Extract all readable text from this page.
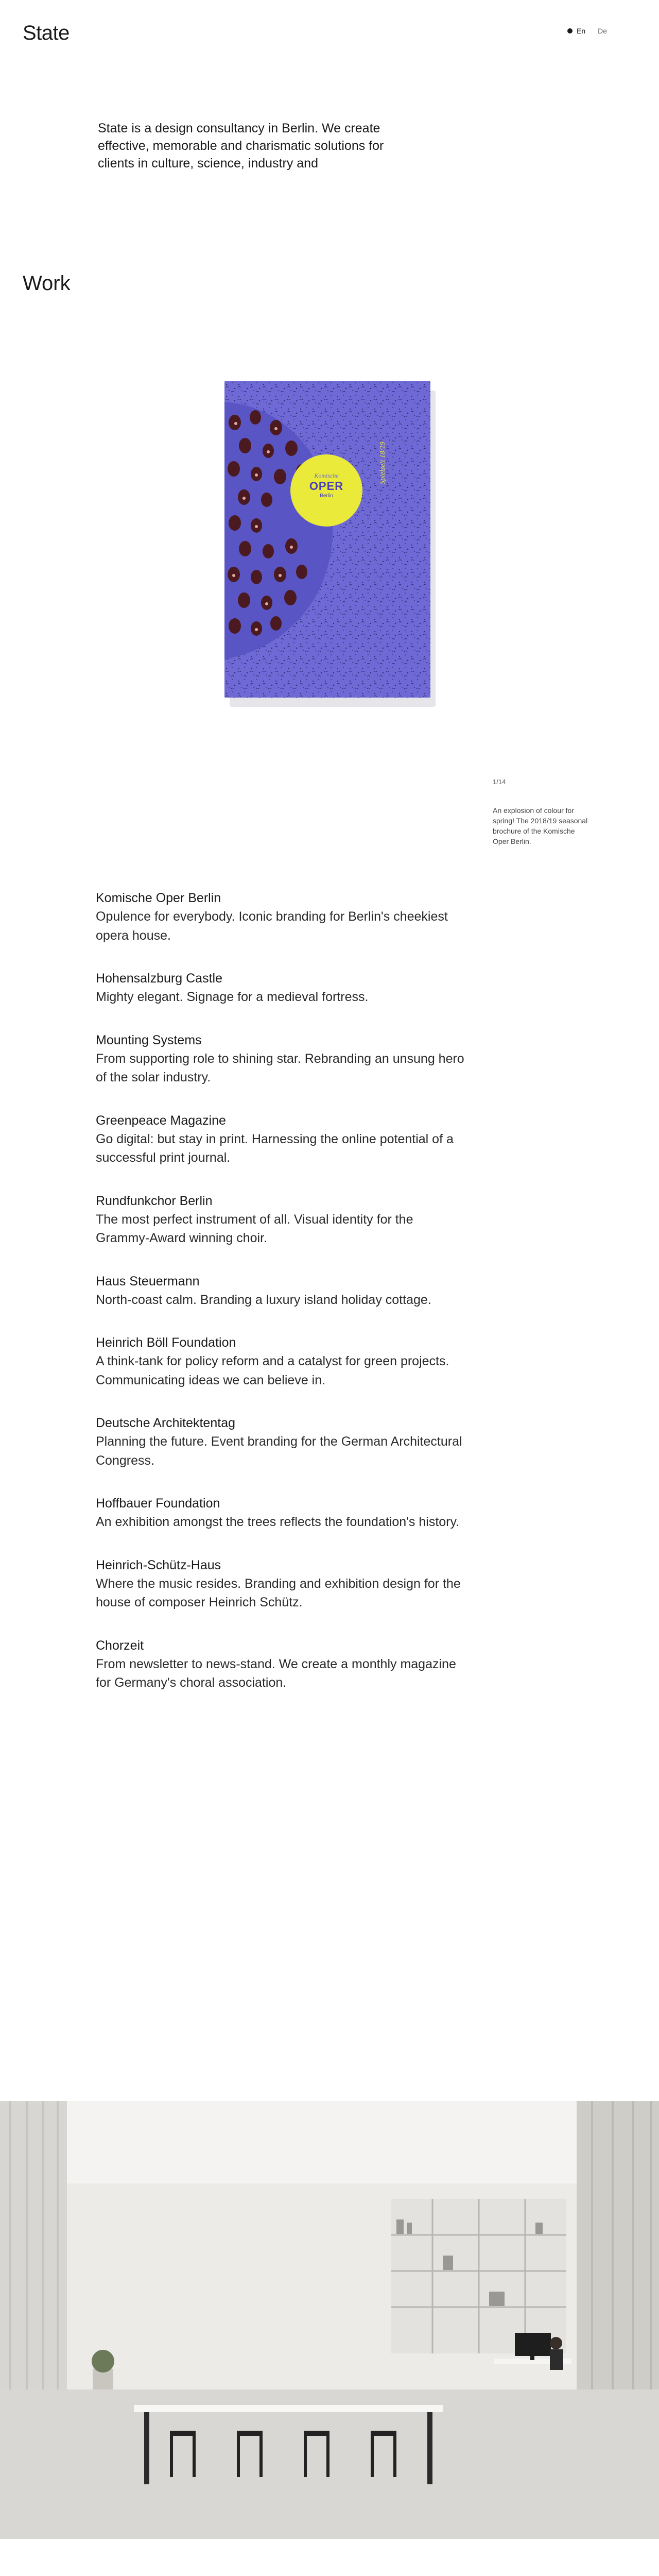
State	En De

State is a design consultancy in Berlin. We create effective, memorable and charismatic solutions for clients in culture, science, industry and

Work
Komische
OPER
Berlin
Spielzeit 18/19
1/14

An explosion of colour for spring! The 2018/19 seasonal brochure of the Komische Oper Berlin.

Komische Oper Berlin
Opulence for everybody. Iconic branding for Berlin's cheekiest opera house.
Hohensalzburg Castle
Mighty elegant. Signage for a medieval fortress.
Mounting Systems
From supporting role to shining star. Rebranding an unsung hero of the solar industry.
Greenpeace Magazine
Go digital: but stay in print. Harnessing the online potential of a successful print journal.
Rundfunkchor Berlin
The most perfect instrument of all. Visual identity for the Grammy-Award winning choir.
Haus Steuermann
North-coast calm. Branding a luxury island holiday cottage.
Heinrich Böll Foundation
A think-tank for policy reform and a catalyst for green projects. Communicating ideas we can believe in.
Deutsche Architektentag
Planning the future. Event branding for the German Architectural Congress.
Hoffbauer Foundation
An exhibition amongst the trees reflects the foundation's history.
Heinrich-Schütz-Haus
Where the music resides. Branding and exhibition design for the house of composer Heinrich Schütz.
Chorzeit
From newsletter to news-stand. We create a monthly magazine for Germany's choral association.
